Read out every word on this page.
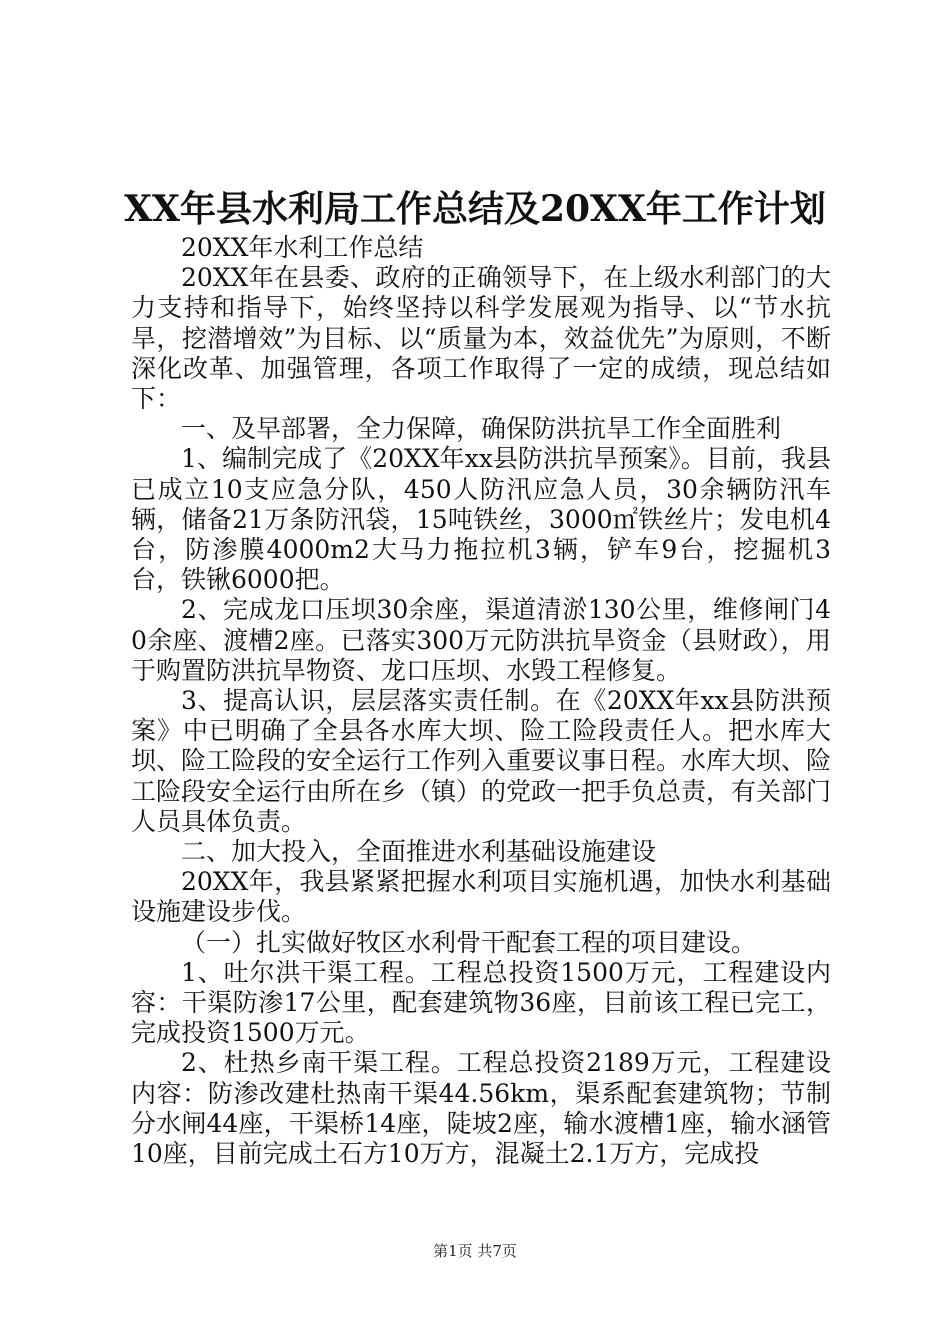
XX年县水利局工作总结及20XX年工作计划

20XX年水利工作总结

20XX年在县委、政府的正确领导下，在上级水利部门的大力支持和指导下，始终坚持以科学发展观为指导、以“节水抗旱，挖潜增效”为目标、以“质量为本，效益优先”为原则，不断深化改革、加强管理，各项工作取得了一定的成绩，现总结如下：

一、及早部署，全力保障，确保防洪抗旱工作全面胜利

1、编制完成了《20XX年xx县防洪抗旱预案》。目前，我县已成立10支应急分队，450人防汛应急人员，30余辆防汛车辆，储备21万条防汛袋，15吨铁丝，3000㎡铁丝片；发电机4台，防渗膜4000m2大马力拖拉机3辆，铲车9台，挖掘机3台，铁锹6000把。

2、完成龙口压坝30余座，渠道清淤130公里，维修闸门40余座、渡槽2座。已落实300万元防洪抗旱资金（县财政），用于购置防洪抗旱物资、龙口压坝、水毁工程修复。

3、提高认识，层层落实责任制。在《20XX年xx县防洪预案》中已明确了全县各水库大坝、险工险段责任人。把水库大坝、险工险段的安全运行工作列入重要议事日程。水库大坝、险工险段安全运行由所在乡（镇）的党政一把手负总责，有关部门人员具体负责。

二、加大投入，全面推进水利基础设施建设

20XX年，我县紧紧把握水利项目实施机遇，加快水利基础设施建设步伐。

（一）扎实做好牧区水利骨干配套工程的项目建设。

1、吐尔洪干渠工程。工程总投资1500万元，工程建设内容：干渠防渗17公里，配套建筑物36座，目前该工程已完工，完成投资1500万元。

2、杜热乡南干渠工程。工程总投资2189万元，工程建设内容：防渗改建杜热南干渠44.56km，渠系配套建筑物；节制分水闸44座，干渠桥14座，陡坡2座，输水渡槽1座，输水涵管10座，目前完成土石方10万方，混凝土2.1万方，完成投

第1页 共7页
